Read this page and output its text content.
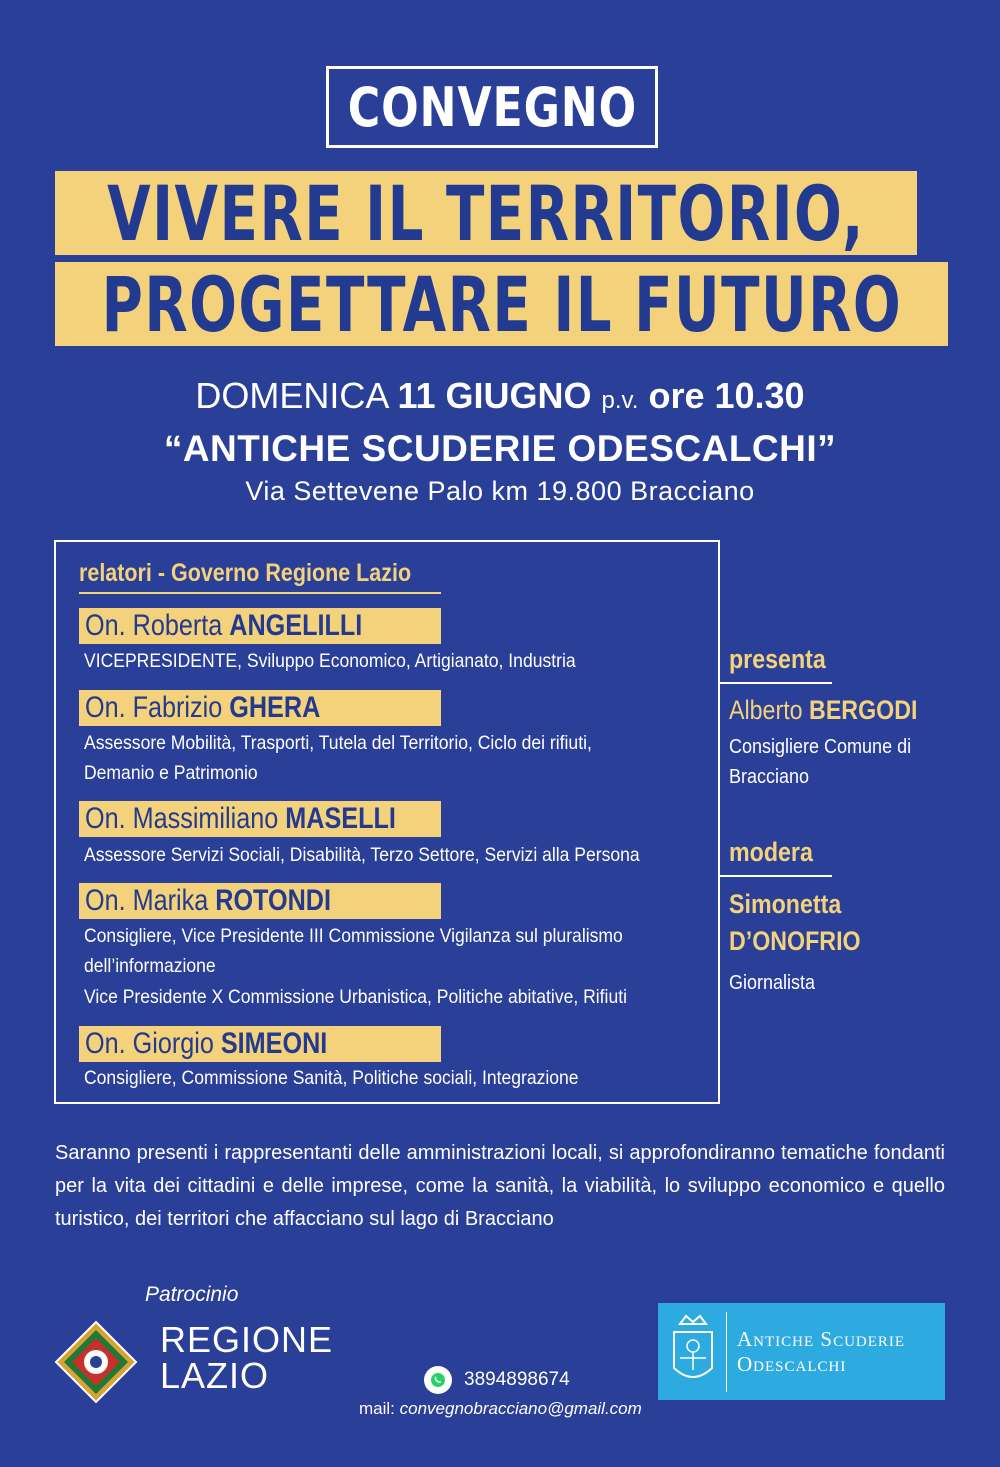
CONVEGNO
VIVERE IL TERRITORIO,
PROGETTARE IL FUTURO
DOMENICA 11 GIUGNO p.v. ore 10.30
“ANTICHE SCUDERIE ODESCALCHI”
Via Settevene Palo km 19.800 Bracciano
relatori - Governo Regione Lazio
On. Roberta ANGELILLI
VICEPRESIDENTE, Sviluppo Economico, Artigianato, Industria
On. Fabrizio GHERA
Assessore Mobilità, Trasporti, Tutela del Territorio, Ciclo dei rifiuti,
Demanio e Patrimonio
On. Massimiliano MASELLI
Assessore Servizi Sociali, Disabilità, Terzo Settore, Servizi alla Persona
On. Marika ROTONDI
Consigliere, Vice Presidente III Commissione Vigilanza sul pluralismo
dell’informazione
Vice Presidente X Commissione Urbanistica, Politiche abitative, Rifiuti
On. Giorgio SIMEONI
Consigliere, Commissione Sanità, Politiche sociali, Integrazione
presenta
Alberto BERGODI
Consigliere Comune di
Bracciano
modera
Simonetta
D’ONOFRIO
Giornalista
Saranno presenti i rappresentanti delle amministrazioni locali, si approfondiranno tematiche fondanti per la vita dei cittadini e delle imprese, come la sanità, la viabilità, lo sviluppo economico e quello turistico, dei territori che affacciano sul lago di Bracciano
Patrocinio
REGIONE
LAZIO	3894898674
mail: convegnobracciano@gmail.com
Antiche Scuderie
Odescalchi
